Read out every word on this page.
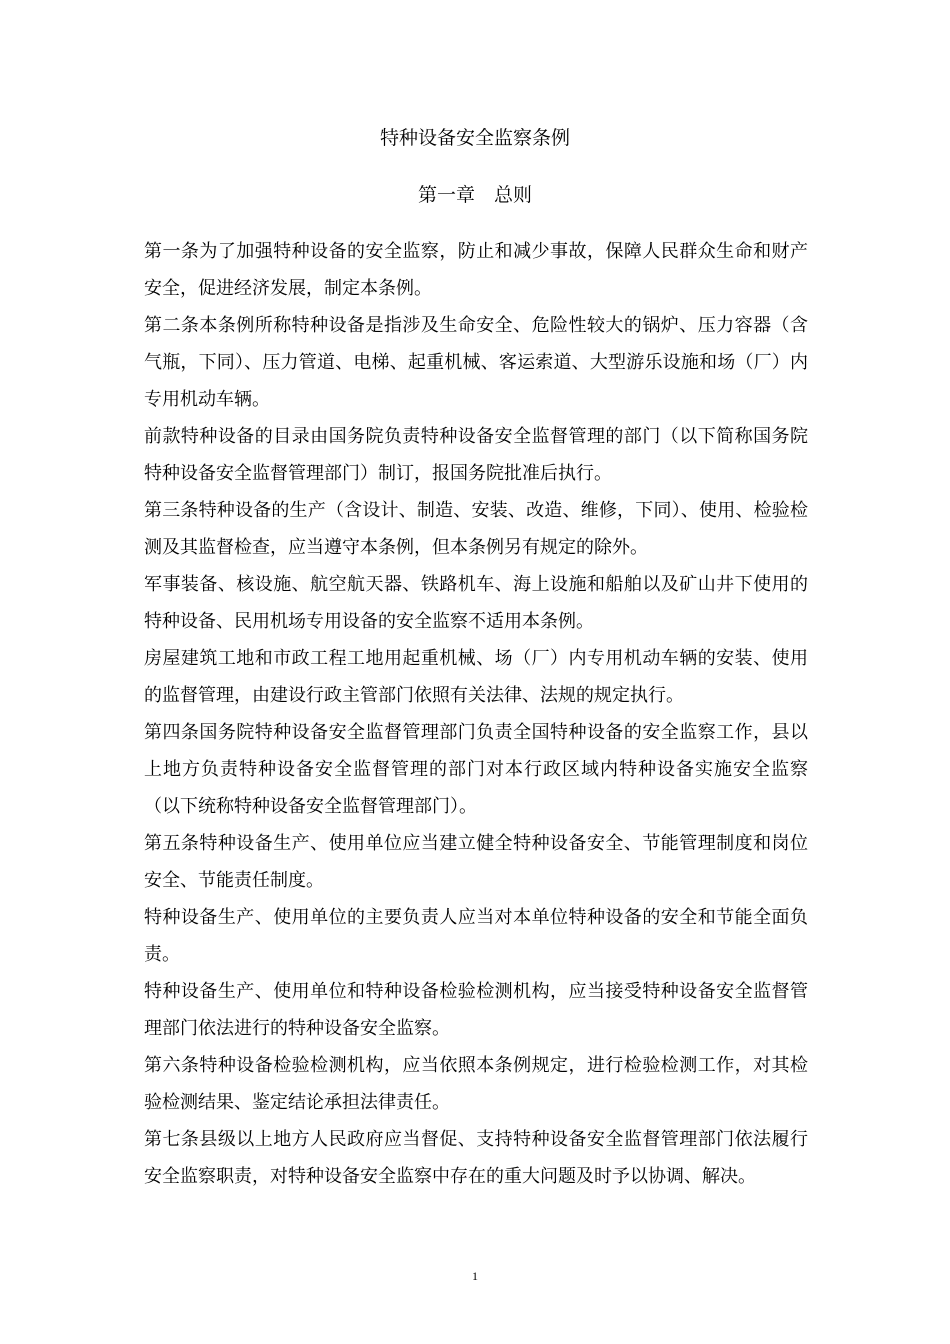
特种设备安全监察条例
第一章　总则

第一条为了加强特种设备的安全监察，防止和减少事故，保障人民群众生命和财产安全，促进经济发展，制定本条例。

第二条本条例所称特种设备是指涉及生命安全、危险性较大的锅炉、压力容器（含气瓶，下同）、压力管道、电梯、起重机械、客运索道、大型游乐设施和场（厂）内专用机动车辆。

前款特种设备的目录由国务院负责特种设备安全监督管理的部门（以下简称国务院特种设备安全监督管理部门）制订，报国务院批准后执行。

第三条特种设备的生产（含设计、制造、安装、改造、维修，下同）、使用、检验检测及其监督检查，应当遵守本条例，但本条例另有规定的除外。

军事装备、核设施、航空航天器、铁路机车、海上设施和船舶以及矿山井下使用的特种设备、民用机场专用设备的安全监察不适用本条例。

房屋建筑工地和市政工程工地用起重机械、场（厂）内专用机动车辆的安装、使用的监督管理，由建设行政主管部门依照有关法律、法规的规定执行。

第四条国务院特种设备安全监督管理部门负责全国特种设备的安全监察工作，县以上地方负责特种设备安全监督管理的部门对本行政区域内特种设备实施安全监察（以下统称特种设备安全监督管理部门）。

第五条特种设备生产、使用单位应当建立健全特种设备安全、节能管理制度和岗位安全、节能责任制度。

特种设备生产、使用单位的主要负责人应当对本单位特种设备的安全和节能全面负责。

特种设备生产、使用单位和特种设备检验检测机构，应当接受特种设备安全监督管理部门依法进行的特种设备安全监察。

第六条特种设备检验检测机构，应当依照本条例规定，进行检验检测工作，对其检验检测结果、鉴定结论承担法律责任。

第七条县级以上地方人民政府应当督促、支持特种设备安全监督管理部门依法履行安全监察职责，对特种设备安全监察中存在的重大问题及时予以协调、解决。

1
